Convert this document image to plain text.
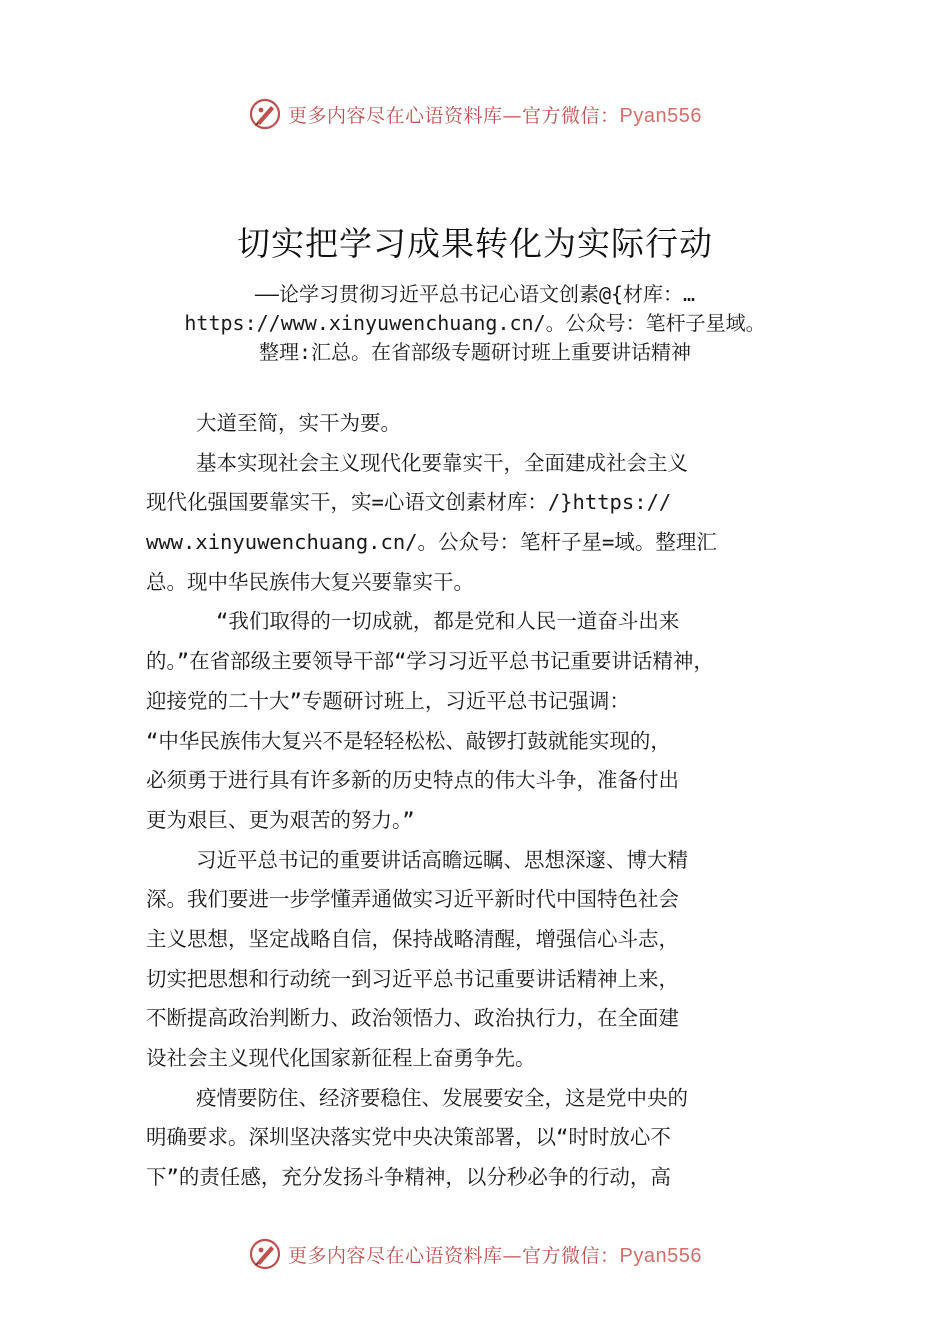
更多内容尽在心语资料库—官方微信：Pyan556
切实把学习成果转化为实际行动
——论学习贯彻习近平总书记心语文创素@{材库：…
https://www.xinyuwenchuang.cn/。公众号：笔杆子星域。
整理:汇总。在省部级专题研讨班上重要讲话精神
大道至简，实干为要。
基本实现社会主义现代化要靠实干，全面建成社会主义
现代化强国要靠实干，实=心语文创素材库：/}https://
www.xinyuwenchuang.cn/。公众号：笔杆子星=域。整理汇
总。现中华民族伟大复兴要靠实干。
“我们取得的一切成就，都是党和人民一道奋斗出来
的。”在省部级主要领导干部“学习习近平总书记重要讲话精神，
迎接党的二十大”专题研讨班上，习近平总书记强调：
“中华民族伟大复兴不是轻轻松松、敲锣打鼓就能实现的，
必须勇于进行具有许多新的历史特点的伟大斗争，准备付出
更为艰巨、更为艰苦的努力。”
习近平总书记的重要讲话高瞻远瞩、思想深邃、博大精
深。我们要进一步学懂弄通做实习近平新时代中国特色社会
主义思想，坚定战略自信，保持战略清醒，增强信心斗志，
切实把思想和行动统一到习近平总书记重要讲话精神上来，
不断提高政治判断力、政治领悟力、政治执行力，在全面建
设社会主义现代化国家新征程上奋勇争先。
疫情要防住、经济要稳住、发展要安全，这是党中央的
明确要求。深圳坚决落实党中央决策部署，以“时时放心不
下”的责任感，充分发扬斗争精神，以分秒必争的行动，高
更多内容尽在心语资料库—官方微信：Pyan556
